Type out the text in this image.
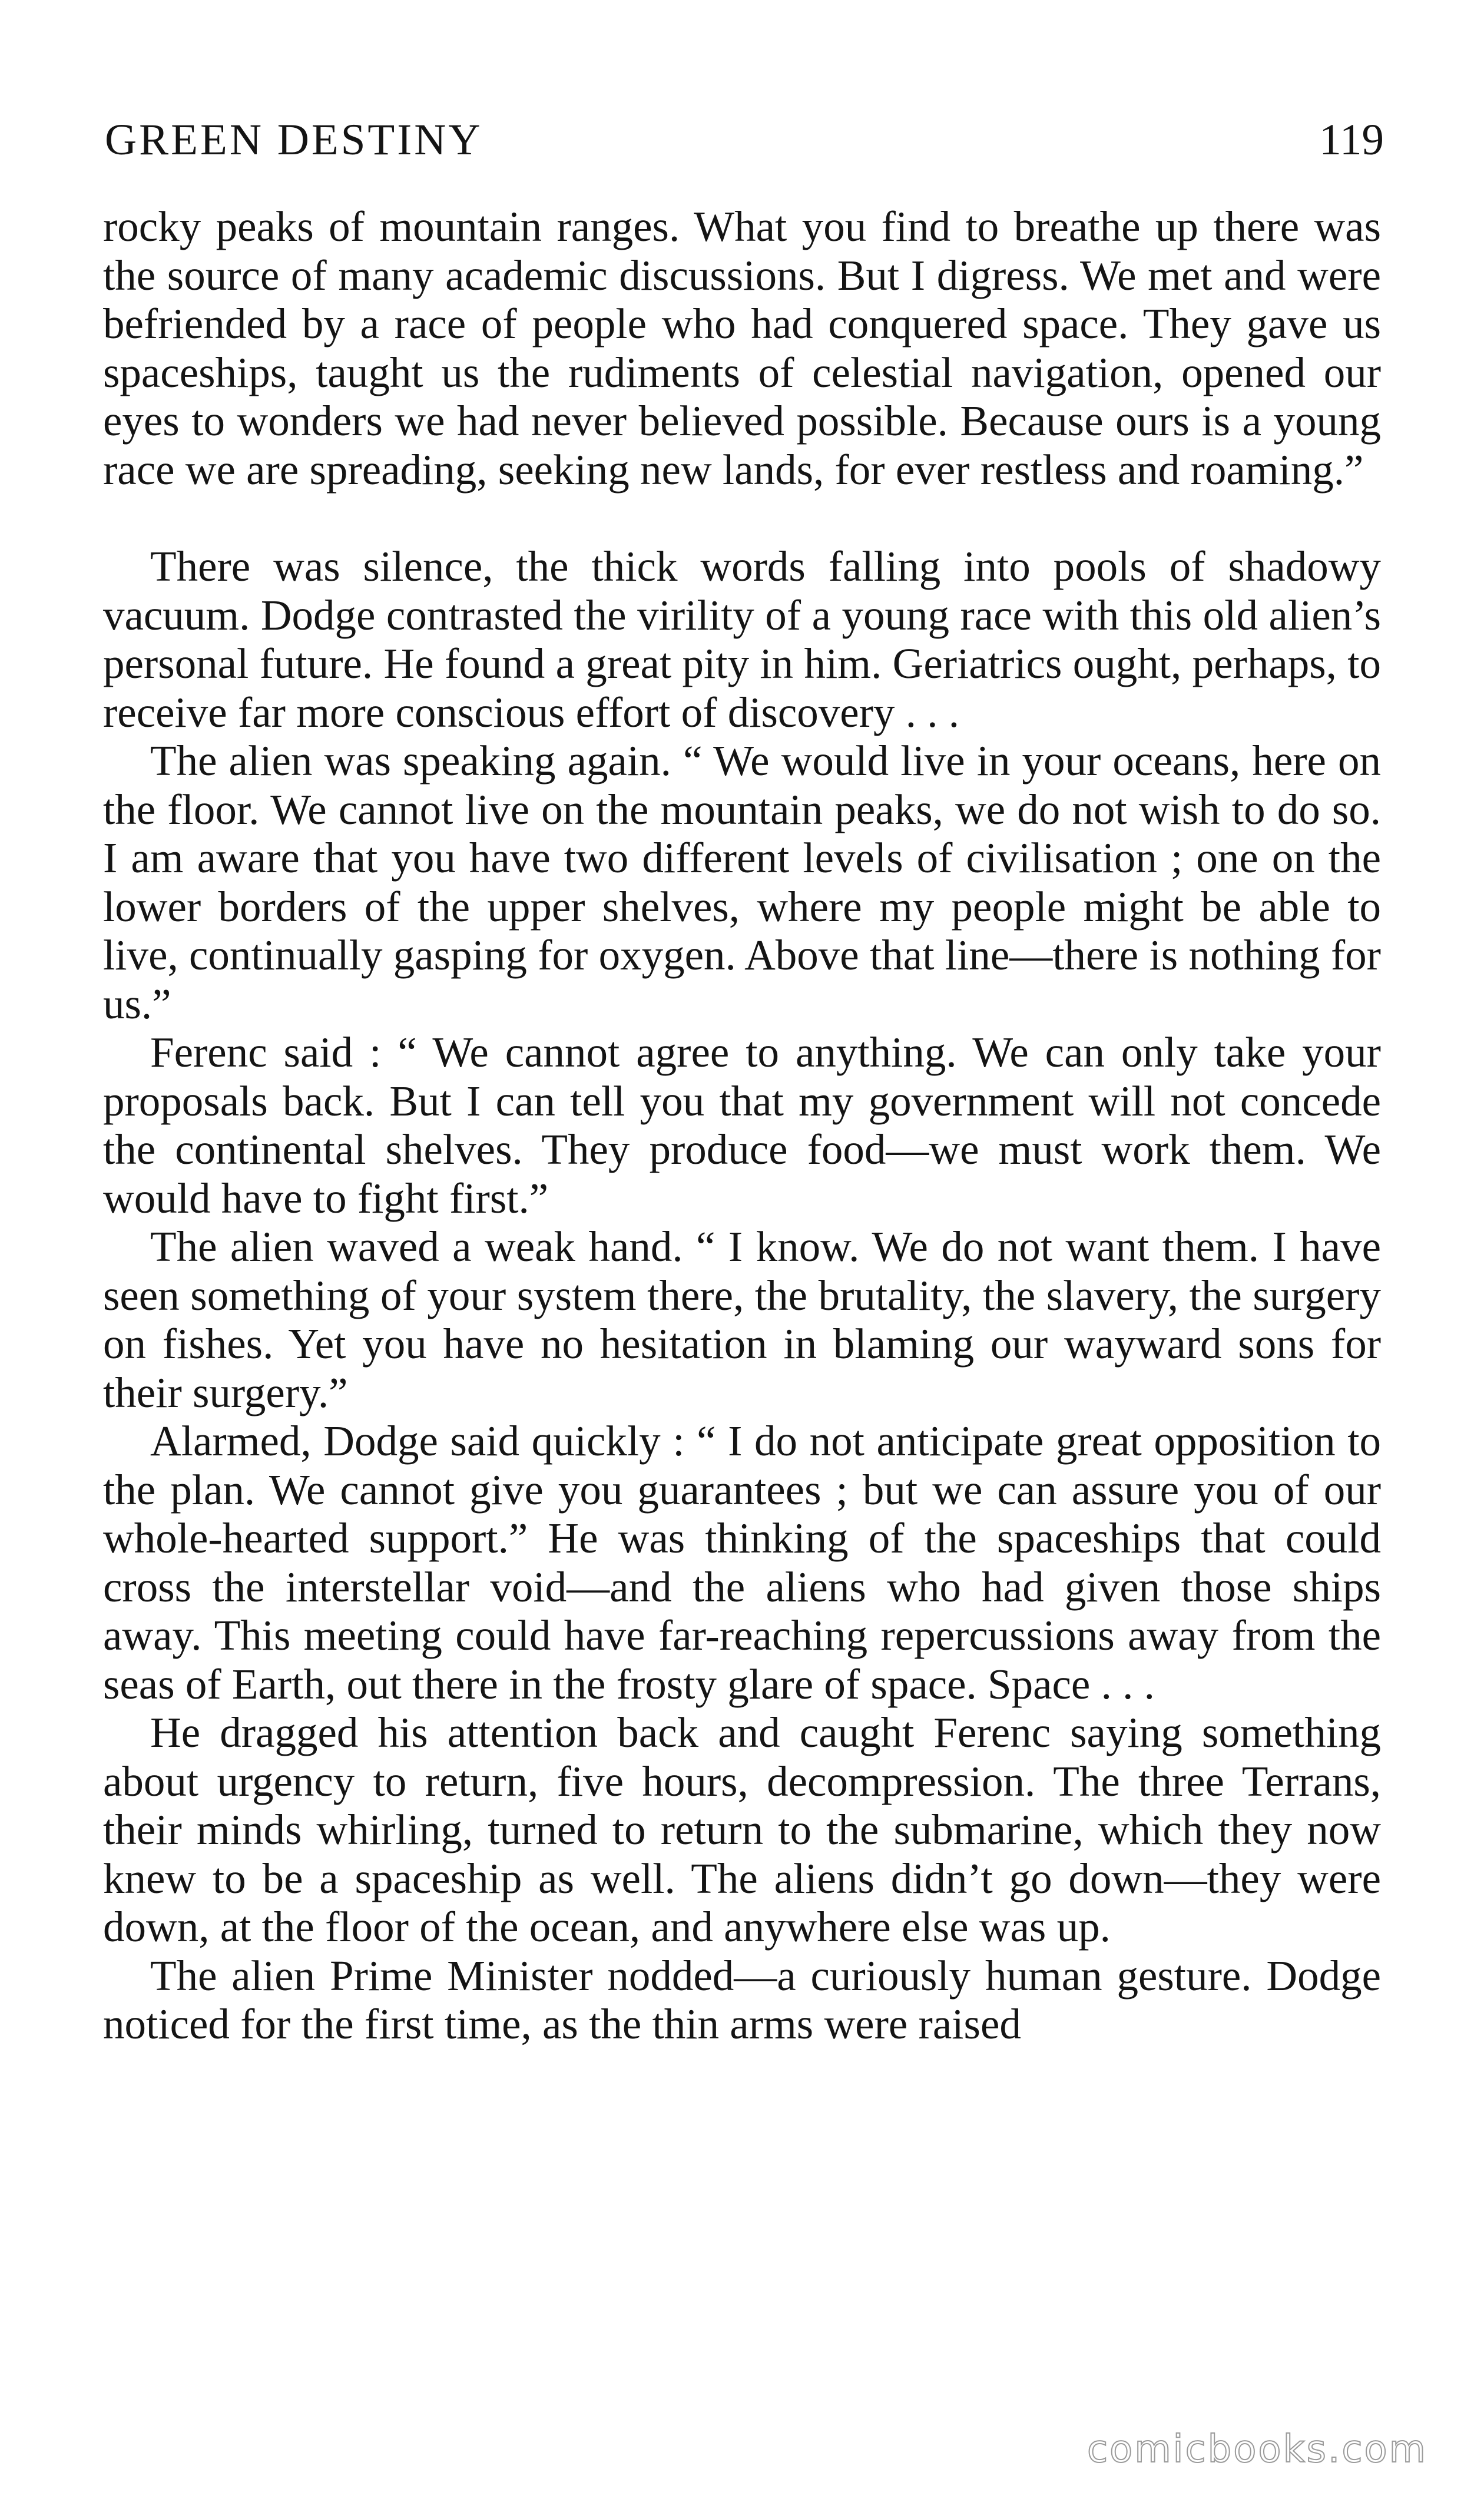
GREEN DESTINY	119

rocky peaks of mountain ranges. What you find to breathe up there was the source of many academic discussions. But I digress. We met and were befriended by a race of people who had conquered space. They gave us spaceships, taught us the rudiments of celestial navigation, opened our eyes to wonders we had never believed possible. Because ours is a young race we are spreading, seeking new lands, for ever restless and roaming.”

There was silence, the thick words falling into pools of shadowy vacuum. Dodge contrasted the virility of a young race with this old alien’s personal future. He found a great pity in him. Geriatrics ought, perhaps, to receive far more conscious effort of discovery . . .

The alien was speaking again. “ We would live in your oceans, here on the floor. We cannot live on the mountain peaks, we do not wish to do so. I am aware that you have two different levels of civilisation ; one on the lower borders of the upper shelves, where my people might be able to live, continually gasping for oxygen. Above that line—there is nothing for us.”

Ferenc said : “ We cannot agree to anything. We can only take your proposals back. But I can tell you that my government will not concede the continental shelves. They produce food—we must work them. We would have to fight first.”

The alien waved a weak hand. “ I know. We do not want them. I have seen something of your system there, the brutality, the slavery, the surgery on fishes. Yet you have no hesitation in blaming our wayward sons for their surgery.”

Alarmed, Dodge said quickly : “ I do not anticipate great opposition to the plan. We cannot give you guarantees ; but we can assure you of our whole-hearted support.” He was thinking of the spaceships that could cross the interstellar void—and the aliens who had given those ships away. This meeting could have far-reaching repercussions away from the seas of Earth, out there in the frosty glare of space. Space . . .

He dragged his attention back and caught Ferenc saying something about urgency to return, five hours, decompression. The three Terrans, their minds whirling, turned to return to the submarine, which they now knew to be a spaceship as well. The aliens didn’t go down—they were down, at the floor of the ocean, and anywhere else was up.

The alien Prime Minister nodded—a curiously human gesture. Dodge noticed for the first time, as the thin arms were raised

comicbooks.com
